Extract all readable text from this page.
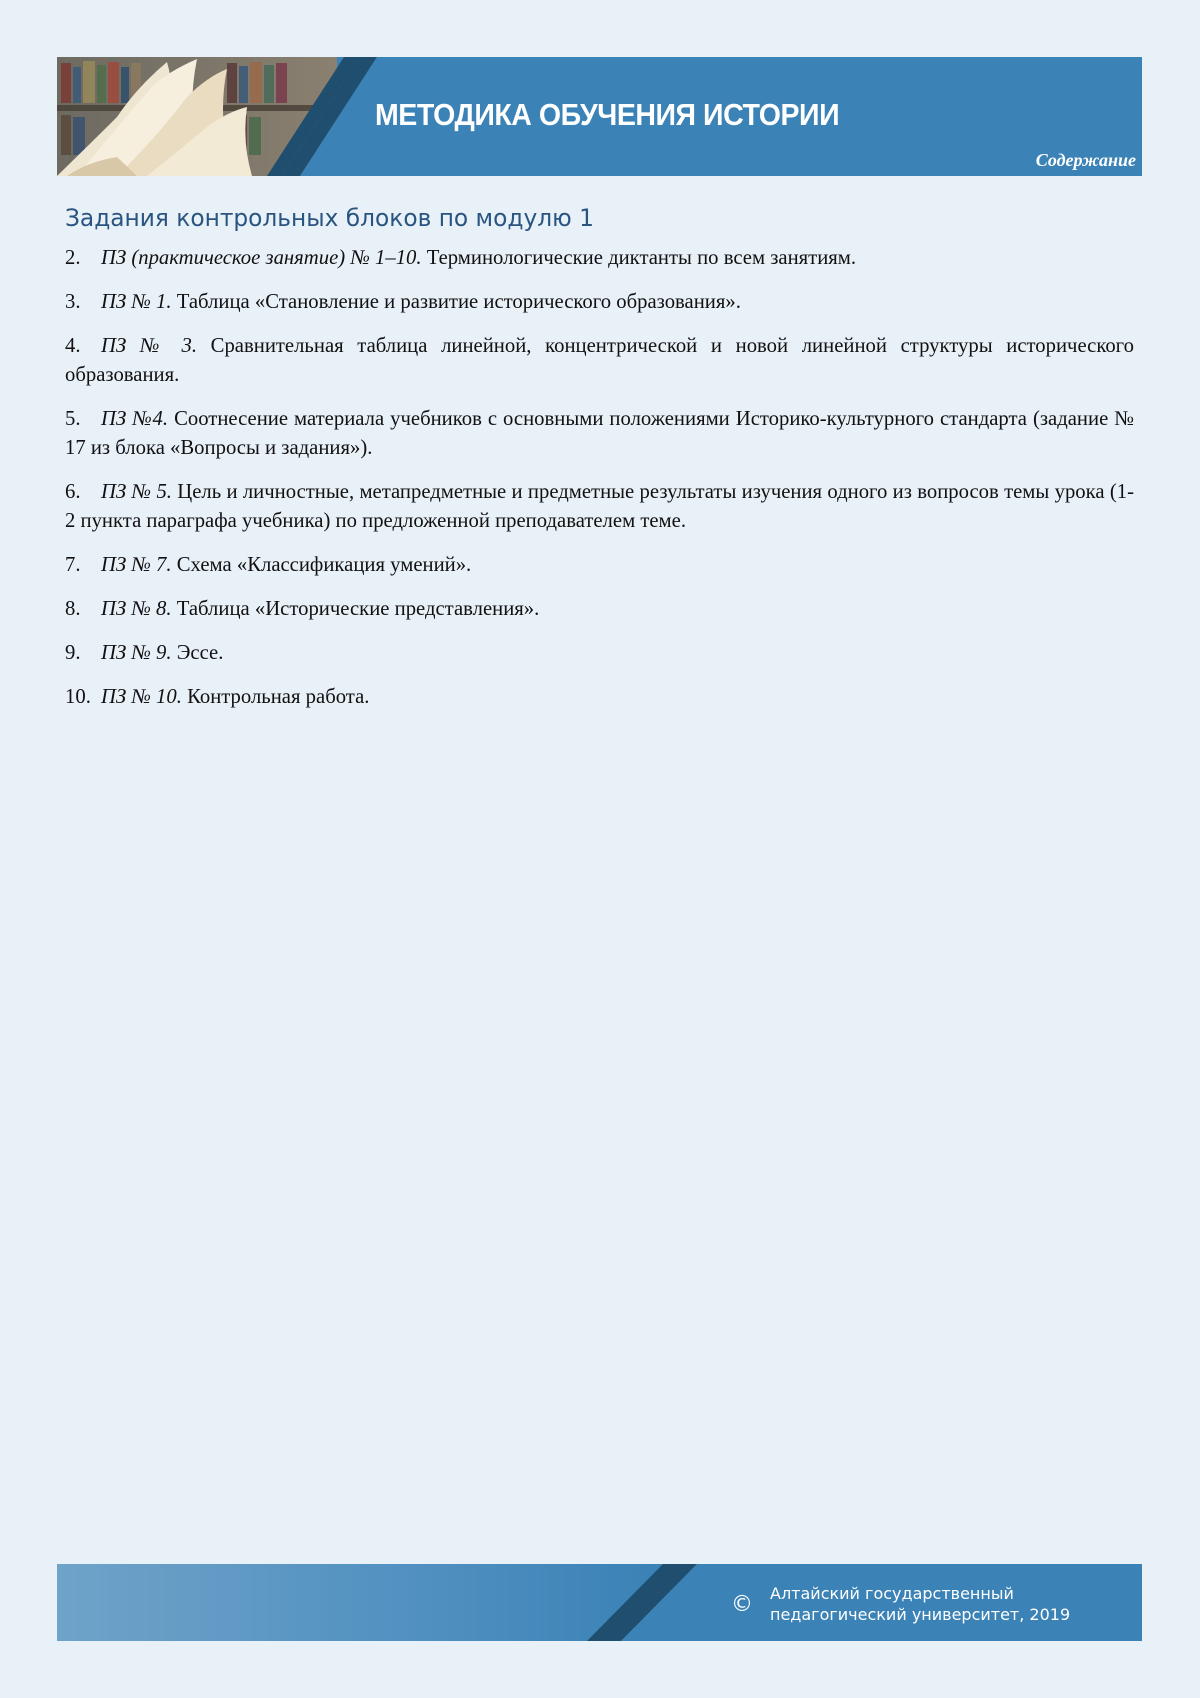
МЕТОДИКА ОБУЧЕНИЯ ИСТОРИИ
Содержание
Задания контрольных блоков по модулю 1

2. ПЗ (практическое занятие) № 1–10. Терминологические диктанты по всем занятиям.

3. ПЗ № 1. Таблица «Становление и развитие исторического образования».

4. ПЗ № 3. Сравнительная таблица линейной, концентрической и новой линейной структуры исторического образования.

5. ПЗ №4. Соотнесение материала учебников с основными положениями Историко-культурного стандарта (задание № 17 из блока «Вопросы и задания»).

6. ПЗ № 5. Цель и личностные, метапредметные и предметные результаты изучения одного из вопросов темы урока (1-2 пункта параграфа учебника) по предложенной преподавателем теме.

7. ПЗ № 7. Схема «Классификация умений».

8. ПЗ № 8. Таблица «Исторические представления».

9. ПЗ № 9. Эссе.

10. ПЗ № 10. Контрольная работа.

© Алтайский государственный
педагогический университет, 2019
